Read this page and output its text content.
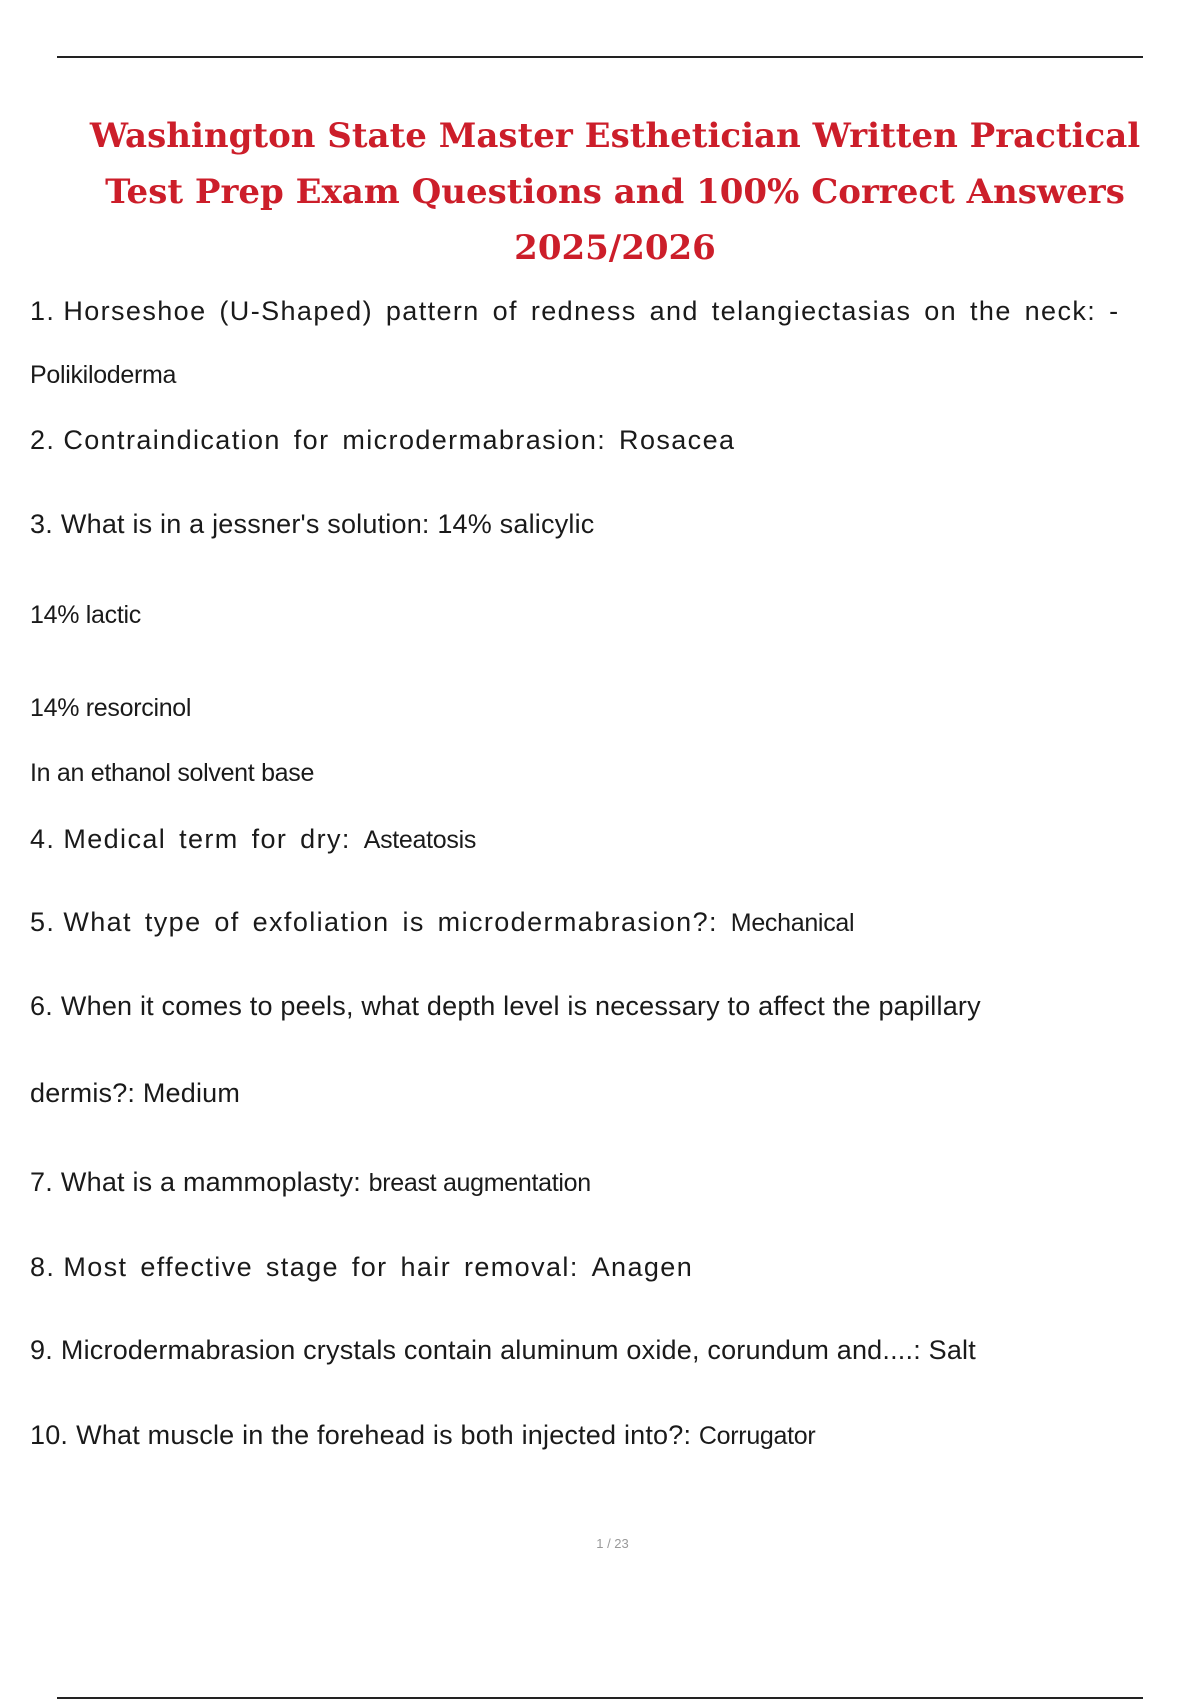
Washington State Master Esthetician Written Practical Test Prep Exam Questions and 100% Correct Answers 2025/2026
1. Horseshoe (U-Shaped) pattern of redness and telangiectasias on the neck: -
Polikiloderma
2. Contraindication for microdermabrasion: Rosacea
3. What is in a jessner's solution: 14% salicylic
14% lactic
14% resorcinol
In an ethanol solvent base
4. Medical term for dry: Asteatosis
5. What type of exfoliation is microdermabrasion?: Mechanical
6. When it comes to peels, what depth level is necessary to affect the papillary
dermis?: Medium
7. What is a mammoplasty: breast augmentation
8. Most effective stage for hair removal: Anagen
9. Microdermabrasion crystals contain aluminum oxide, corundum and....: Salt
10. What muscle in the forehead is both injected into?: Corrugator
1 / 23
